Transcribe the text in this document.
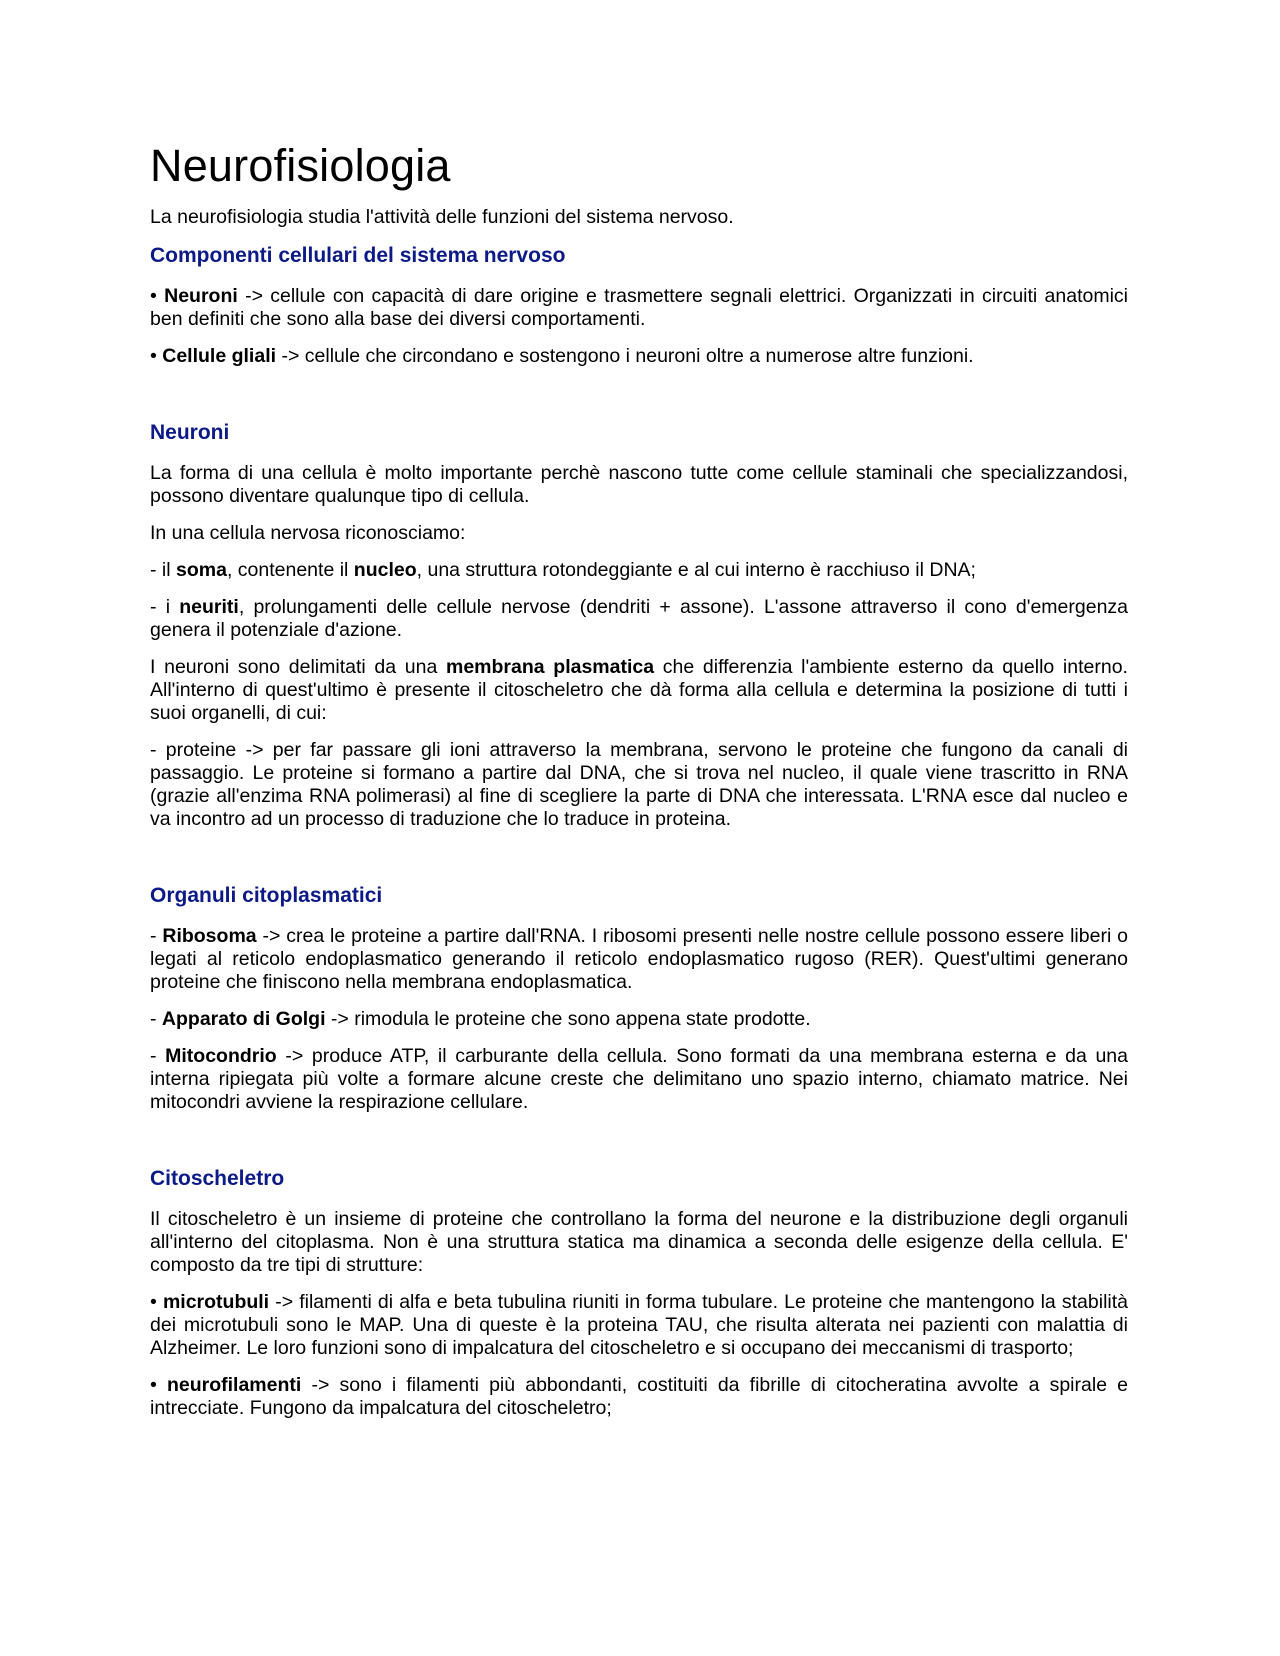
Neurofisiologia

La neurofisiologia studia l'attività delle funzioni del sistema nervoso.

Componenti cellulari del sistema nervoso

• Neuroni -> cellule con capacità di dare origine e trasmettere segnali elettrici. Organizzati in circuiti anatomici ben definiti che sono alla base dei diversi comportamenti.

• Cellule gliali -> cellule che circondano e sostengono i neuroni oltre a numerose altre funzioni.

Neuroni

La forma di una cellula è molto importante perchè nascono tutte come cellule staminali che specializzandosi, possono diventare qualunque tipo di cellula.

In una cellula nervosa riconosciamo:

- il soma, contenente il nucleo, una struttura rotondeggiante e al cui interno è racchiuso il DNA;

- i neuriti, prolungamenti delle cellule nervose (dendriti + assone). L'assone attraverso il cono d'emergenza genera il potenziale d'azione.

I neuroni sono delimitati da una membrana plasmatica che differenzia l'ambiente esterno da quello interno. All'interno di quest'ultimo è presente il citoscheletro che dà forma alla cellula e determina la posizione di tutti i suoi organelli, di cui:

- proteine -> per far passare gli ioni attraverso la membrana, servono le proteine che fungono da canali di passaggio. Le proteine si formano a partire dal DNA, che si trova nel nucleo, il quale viene trascritto in RNA (grazie all'enzima RNA polimerasi) al fine di scegliere la parte di DNA che interessata. L'RNA esce dal nucleo e va incontro ad un processo di traduzione che lo traduce in proteina.

Organuli citoplasmatici

- Ribosoma -> crea le proteine a partire dall'RNA. I ribosomi presenti nelle nostre cellule possono essere liberi o legati al reticolo endoplasmatico generando il reticolo endoplasmatico rugoso (RER). Quest'ultimi generano proteine che finiscono nella membrana endoplasmatica.

- Apparato di Golgi -> rimodula le proteine che sono appena state prodotte.

- Mitocondrio -> produce ATP, il carburante della cellula. Sono formati da una membrana esterna e da una interna ripiegata più volte a formare alcune creste che delimitano uno spazio interno, chiamato matrice. Nei mitocondri avviene la respirazione cellulare.

Citoscheletro

Il citoscheletro è un insieme di proteine che controllano la forma del neurone e la distribuzione degli organuli all'interno del citoplasma. Non è una struttura statica ma dinamica a seconda delle esigenze della cellula. E' composto da tre tipi di strutture:

• microtubuli -> filamenti di alfa e beta tubulina riuniti in forma tubulare. Le proteine che mantengono la stabilità dei microtubuli sono le MAP. Una di queste è la proteina TAU, che risulta alterata nei pazienti con malattia di Alzheimer. Le loro funzioni sono di impalcatura del citoscheletro e si occupano dei meccanismi di trasporto;

• neurofilamenti -> sono i filamenti più abbondanti, costituiti da fibrille di citocheratina avvolte a spirale e intrecciate. Fungono da impalcatura del citoscheletro;
